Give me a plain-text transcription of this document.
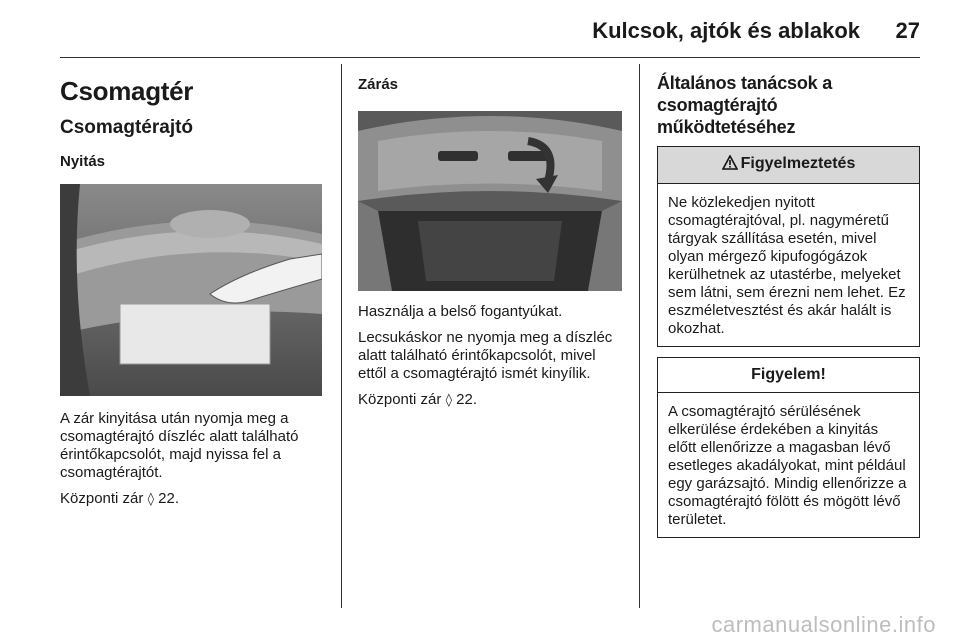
Kulcsok, ajtók és ablakok 27
Csomagtér
Csomagtérajtó
Nyitás

A zár kinyitása után nyomja meg a csomagtérajtó díszléc alatt található érintőkapcsolót, majd nyissa fel a csomagtérajtót.

Központi zár ◊ 22.

Zárás

Használja a belső fogantyúkat.

Lecsukáskor ne nyomja meg a díszléc alatt található érintőkapcsolót, mivel ettől a csomagtérajtó ismét kinyílik.

Központi zár ◊ 22.

Általános tanácsok a csomagtérajtó működtetéséhez
Figyelmeztetés

Ne közlekedjen nyitott csomagtérajtóval, pl. nagyméretű tárgyak szállítása esetén, mivel olyan mérgező kipufogógázok kerülhetnek az utastérbe, melyeket sem látni, sem érezni nem lehet. Ez eszméletvesztést és akár halált is okozhat.

Figyelem!

A csomagtérajtó sérülésének elkerülése érdekében a kinyitás előtt ellenőrizze a magasban lévő esetleges akadályokat, mint például egy garázsajtó. Mindig ellenőrizze a csomagtérajtó fölött és mögött lévő területet.

carmanualsonline.info
